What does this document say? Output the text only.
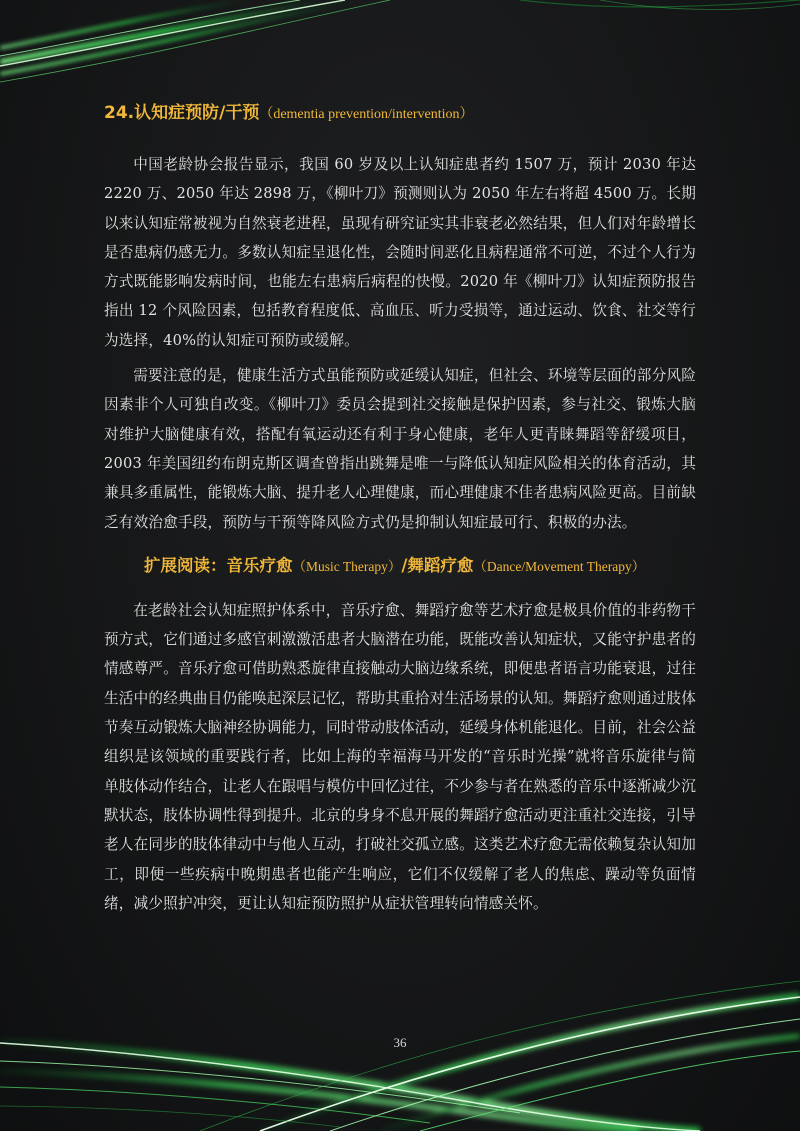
24.认知症预防/干预（dementia prevention/intervention）

中国老龄协会报告显示，我国 60 岁及以上认知症患者约 1507 万，预计 2030 年达 2220 万、2050 年达 2898 万，《柳叶刀》预测则认为 2050 年左右将超 4500 万。长期以来认知症常被视为自然衰老进程，虽现有研究证实其非衰老必然结果，但人们对年龄增长是否患病仍感无力。多数认知症呈退化性，会随时间恶化且病程通常不可逆，不过个人行为方式既能影响发病时间，也能左右患病后病程的快慢。2020 年《柳叶刀》认知症预防报告指出 12 个风险因素，包括教育程度低、高血压、听力受损等，通过运动、饮食、社交等行为选择，40%的认知症可预防或缓解。

需要注意的是，健康生活方式虽能预防或延缓认知症，但社会、环境等层面的部分风险因素非个人可独自改变。《柳叶刀》委员会提到社交接触是保护因素，参与社交、锻炼大脑对维护大脑健康有效，搭配有氧运动还有利于身心健康，老年人更青睐舞蹈等舒缓项目，2003 年美国纽约布朗克斯区调查曾指出跳舞是唯一与降低认知症风险相关的体育活动，其兼具多重属性，能锻炼大脑、提升老人心理健康，而心理健康不佳者患病风险更高。目前缺乏有效治愈手段，预防与干预等降风险方式仍是抑制认知症最可行、积极的办法。

扩展阅读：音乐疗愈（Music Therapy）/舞蹈疗愈（Dance/Movement Therapy）

在老龄社会认知症照护体系中，音乐疗愈、舞蹈疗愈等艺术疗愈是极具价值的非药物干预方式，它们通过多感官刺激激活患者大脑潜在功能，既能改善认知症状，又能守护患者的情感尊严。音乐疗愈可借助熟悉旋律直接触动大脑边缘系统，即便患者语言功能衰退，过往生活中的经典曲目仍能唤起深层记忆，帮助其重拾对生活场景的认知。舞蹈疗愈则通过肢体节奏互动锻炼大脑神经协调能力，同时带动肢体活动，延缓身体机能退化。目前，社会公益组织是该领域的重要践行者，比如上海的幸福海马开发的“音乐时光操”就将音乐旋律与简单肢体动作结合，让老人在跟唱与模仿中回忆过往，不少参与者在熟悉的音乐中逐渐减少沉默状态，肢体协调性得到提升。北京的身身不息开展的舞蹈疗愈活动更注重社交连接，引导老人在同步的肢体律动中与他人互动，打破社交孤立感。这类艺术疗愈无需依赖复杂认知加工，即便一些疾病中晚期患者也能产生响应，它们不仅缓解了老人的焦虑、躁动等负面情绪，减少照护冲突，更让认知症预防照护从症状管理转向情感关怀。

36
